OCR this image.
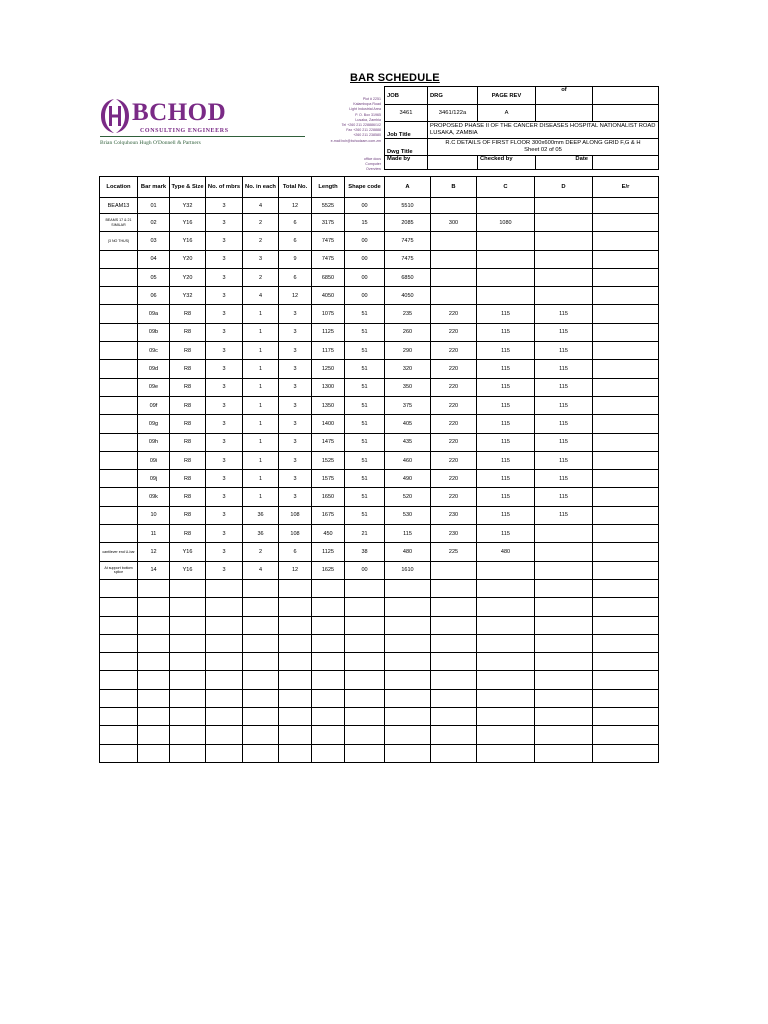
BAR SCHEDULE
BCHOD
CONSULTING ENGINEERS
Brian Colquhoun Hugh O'Donnell & Partners
Plot # 2251
Kalambopa Road
Light Industrial Area
P. O. Box 31965
Lusaka, Zambia
Tel +260 211 228886/1/2
Fax +260 211 228888
+260 211 238580
e-mail bch@bchodzam.com.zm
office docs
Computer
Overview
JOB	DRG	PAGE REV	of	
3461	3461/122a	A		
Job Title	PROPOSED PHASE II OF THE CANCER DISEASES HOSPITAL NATIONALIST ROAD
LUSAKA, ZAMBIA			

Dwg Title	R.C DETAILS OF FIRST FLOOR 300x600mm DEEP ALONG GRID F,G & H
Sheet 02 of 05			

Made by		Checked by	Date	
Location	Bar mark	Type & Size	No. of mbrs	No. in each	Total No.	Length	Shape code	A	B	C	D	E/r
BEAM13	01	Y32	3	4	12	5525	00	5510				
BEAMS 17 & 21 SIMILAR	02	Y16	3	2	6	3175	15	2085	300	1080		
(3 NO THUS)	03	Y16	3	2	6	7475	00	7475				
	04	Y20	3	3	9	7475	00	7475				
	05	Y20	3	2	6	6850	00	6850				
	06	Y32	3	4	12	4050	00	4050				
	09a	R8	3	1	3	1075	51	235	220	115	115	
	09b	R8	3	1	3	1125	51	260	220	115	115	
	09c	R8	3	1	3	1175	51	290	220	115	115	
	09d	R8	3	1	3	1250	51	320	220	115	115	
	09e	R8	3	1	3	1300	51	350	220	115	115	
	09f	R8	3	1	3	1350	51	375	220	115	115	
	09g	R8	3	1	3	1400	51	405	220	115	115	
	09h	R8	3	1	3	1475	51	435	220	115	115	
	09i	R8	3	1	3	1525	51	460	220	115	115	
	09j	R8	3	1	3	1575	51	490	220	115	115	
	09k	R8	3	1	3	1650	51	520	220	115	115	
	10	R8	3	36	108	1675	51	530	230	115	115	
	11	R8	3	36	108	450	21	115	230	115		
cantilever end U-bar	12	Y16	3	2	6	1125	38	480	225	480		
At support bottom splice	14	Y16	3	4	12	1625	00	1610				
